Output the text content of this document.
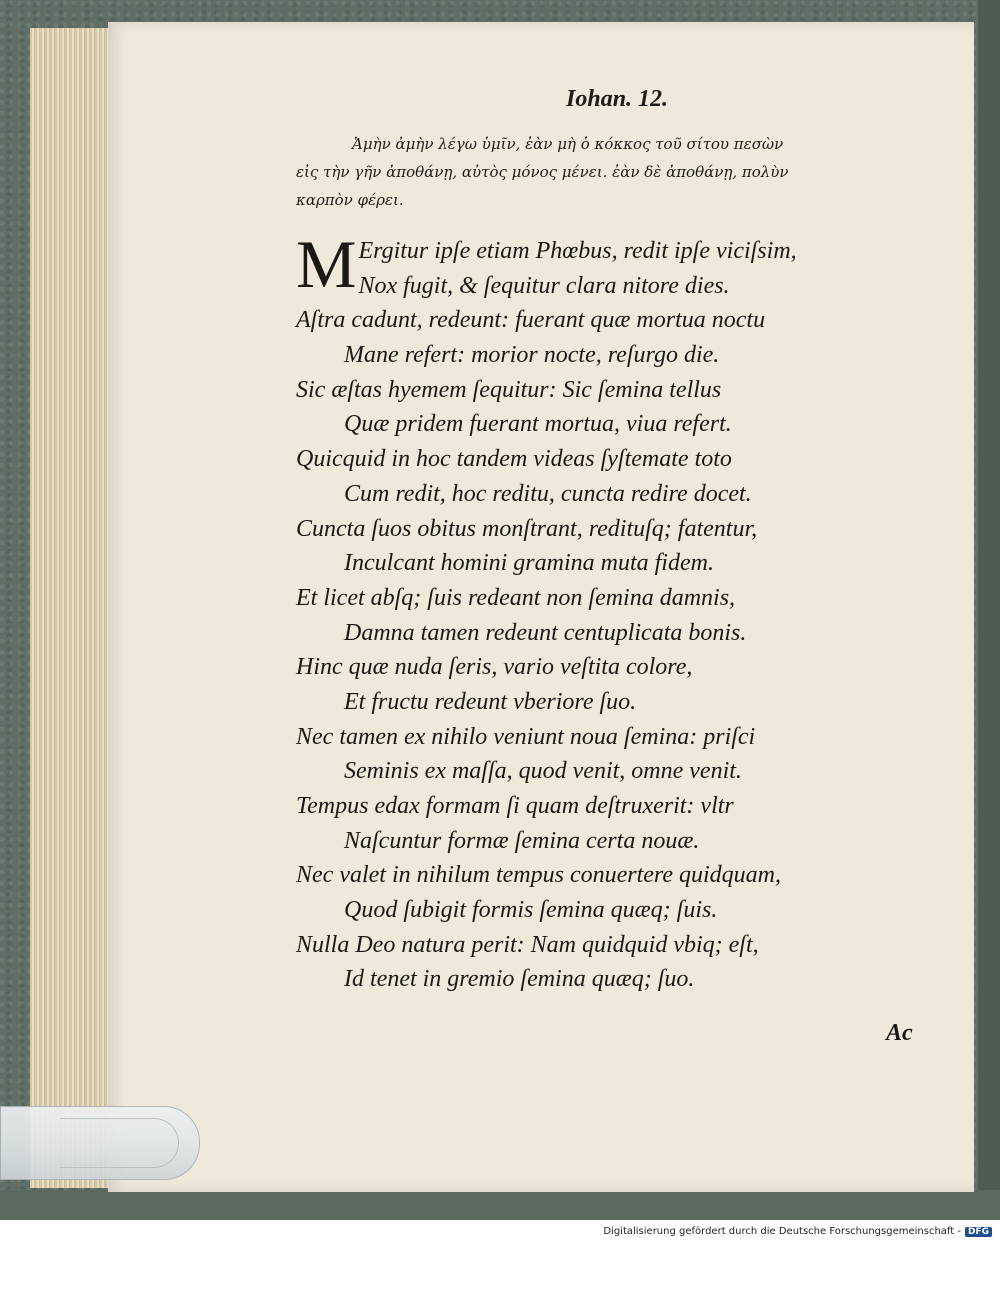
Iohan. 12.
Ἀμὴν ἀμὴν λέγω ὑμῖν, ἐὰν μὴ ὁ κόκκος τοῦ σίτου πεσὼν
εἰς τὴν γῆν ἀποθάνῃ, αὐτὸς μόνος μένει. ἐὰν δὲ ἀποθάνῃ, πολὺν
καρπὸν φέρει.
M Ergitur ipſe etiam Phœbus, redit ipſe viciſsim,
Nox fugit, & ſequitur clara nitore dies.
Aſtra cadunt, redeunt: fuerant quæ mortua noctu
Mane refert: morior nocte, reſurgo die.
Sic æſtas hyemem ſequitur: Sic ſemina tellus
Quæ pridem fuerant mortua, viua refert.
Quicquid in hoc tandem videas ſyſtemate toto
Cum redit, hoc reditu, cuncta redire docet.
Cuncta ſuos obitus monſtrant, redituſq; fatentur,
Inculcant homini gramina muta fidem.
Et licet abſq; ſuis redeant non ſemina damnis,
Damna tamen redeunt centuplicata bonis.
Hinc quæ nuda ſeris, vario veſtita colore,
Et fructu redeunt vberiore ſuo.
Nec tamen ex nihilo veniunt noua ſemina: priſci
Seminis ex maſſa, quod venit, omne venit.
Tempus edax formam ſi quam deſtruxerit: vltr
Naſcuntur formæ ſemina certa nouæ.
Nec valet in nihilum tempus conuertere quidquam,
Quod ſubigit formis ſemina quæq; ſuis.
Nulla Deo natura perit: Nam quidquid vbiq; eſt,
Id tenet in gremio ſemina quæq; ſuo.
Ac
Digitalisierung gefördert durch die Deutsche Forschungsgemeinschaft - DFG
